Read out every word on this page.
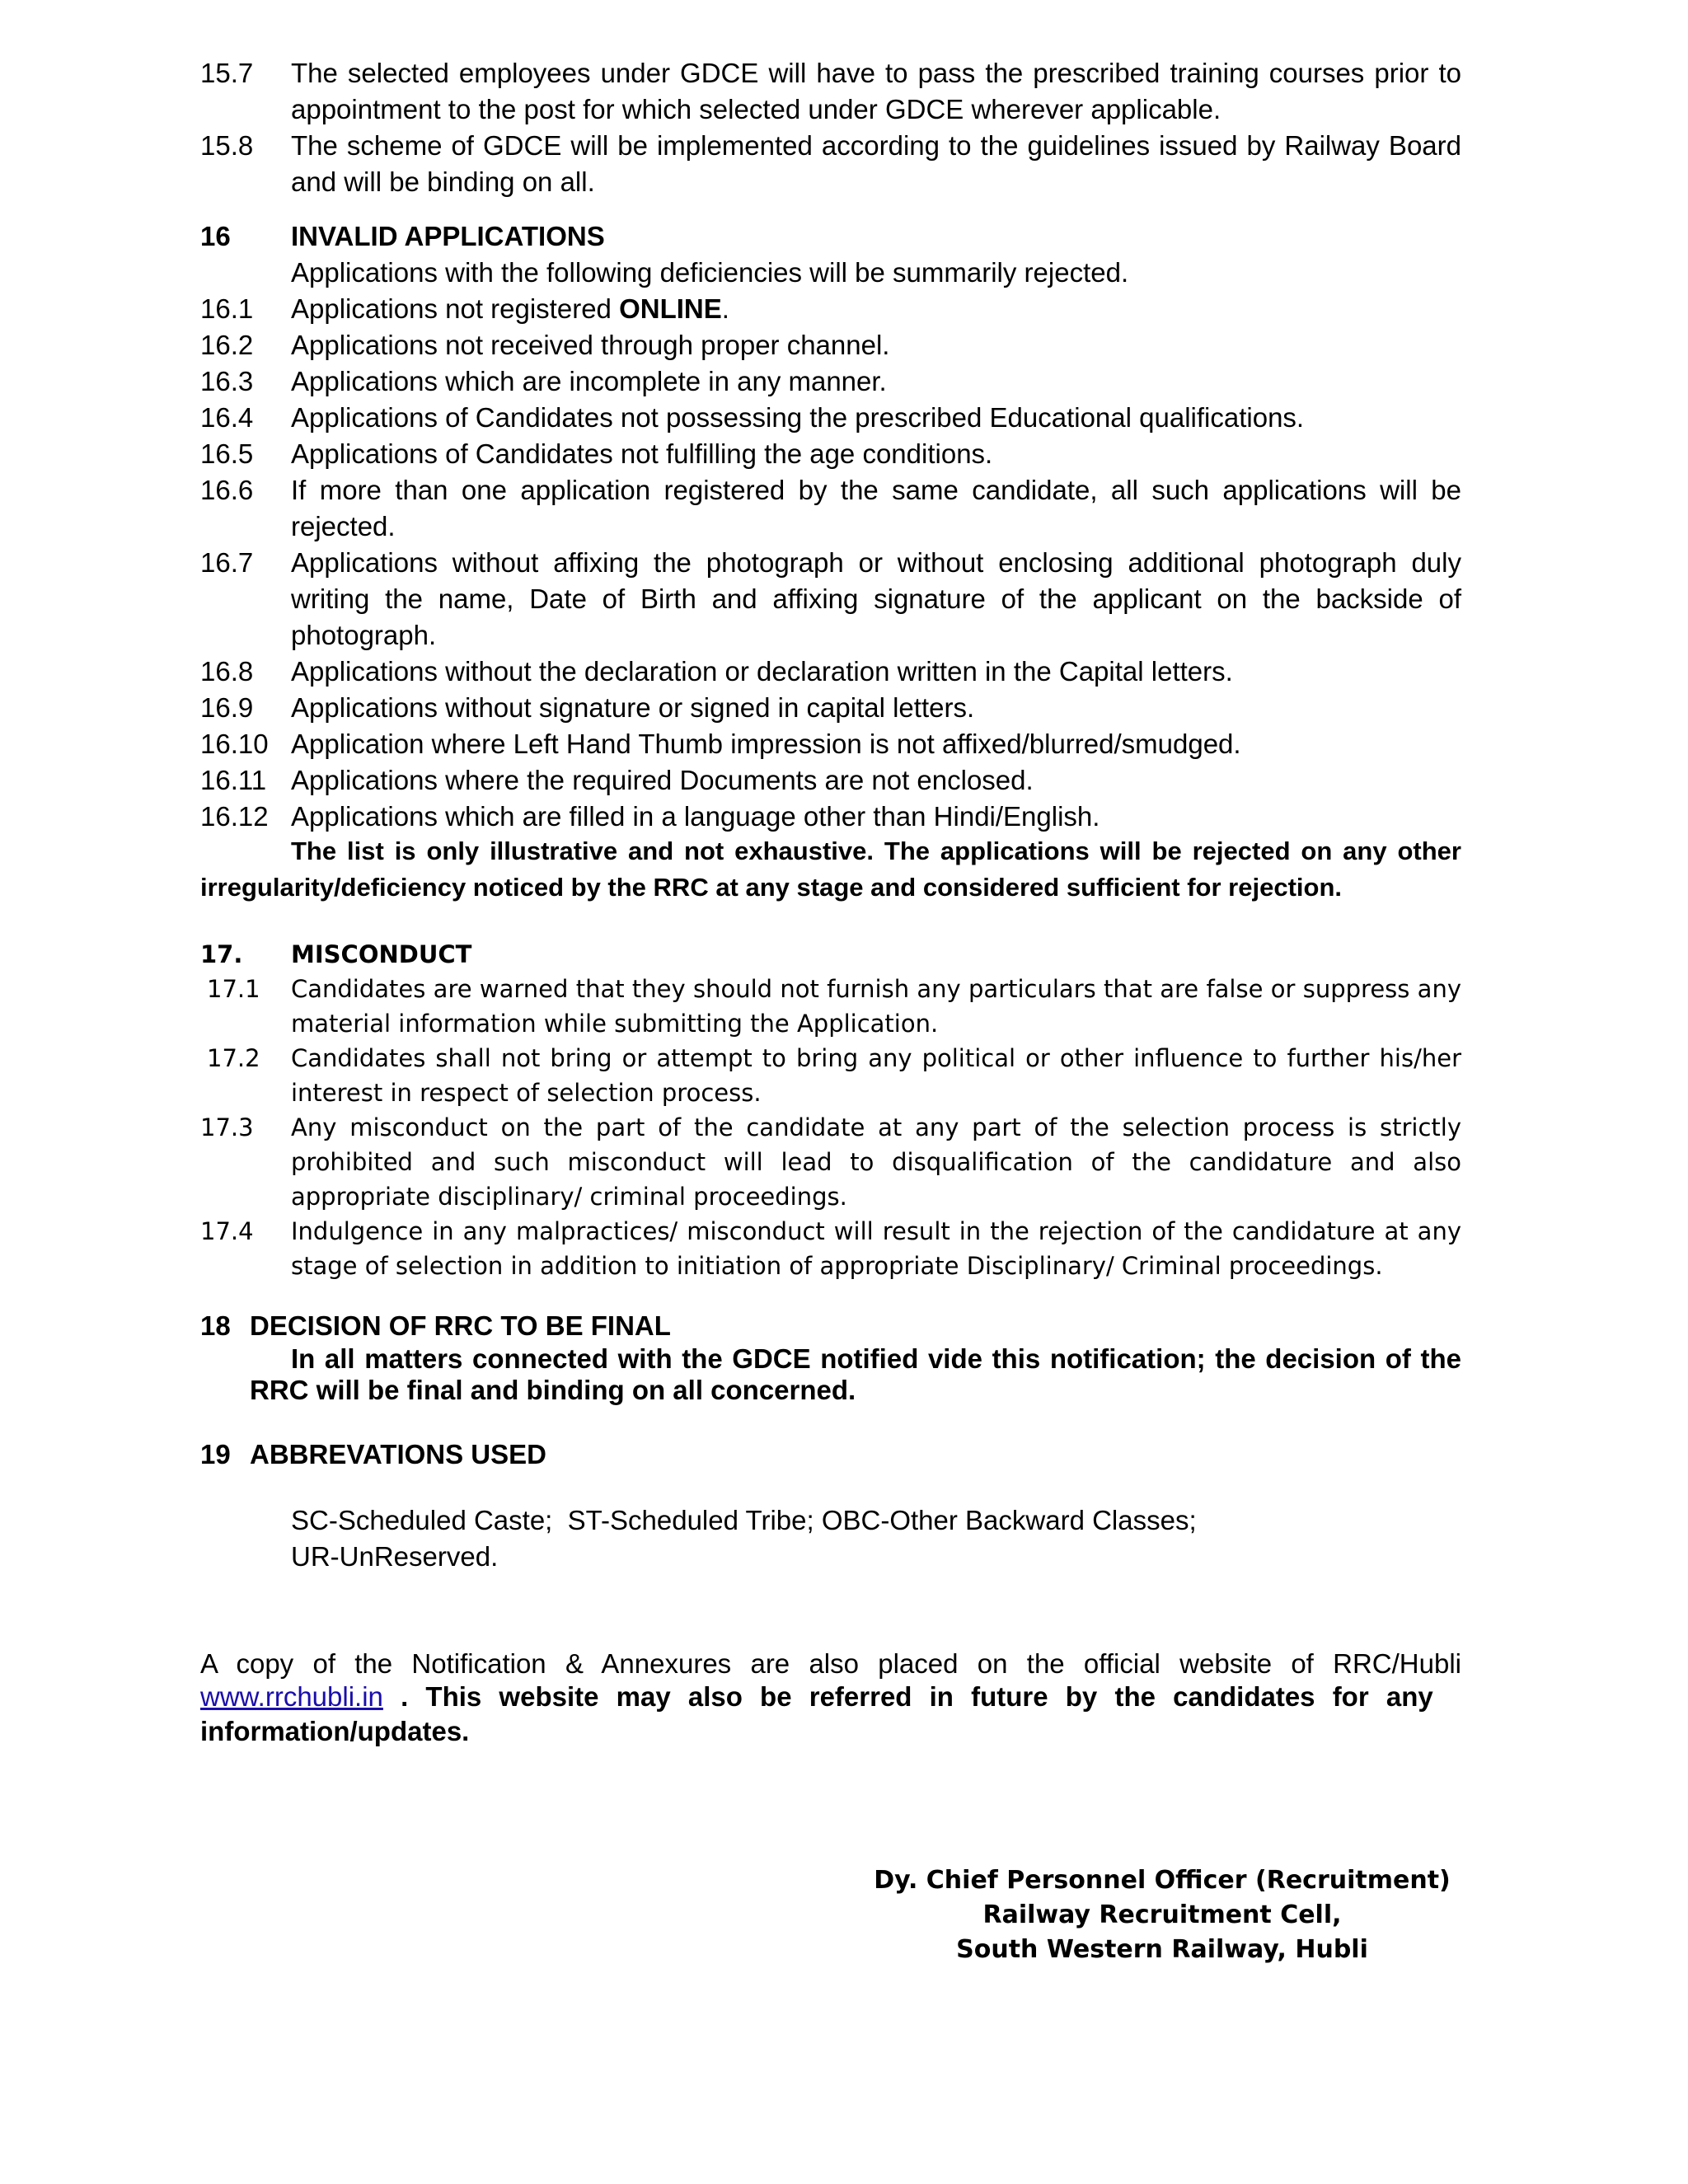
15.7 The selected employees under GDCE will have to pass the prescribed training courses prior to appointment to the post for which selected under GDCE wherever applicable.
15.8 The scheme of GDCE will be implemented according to the guidelines issued by Railway Board and will be binding on all.
16 INVALID APPLICATIONS
Applications with the following deficiencies will be summarily rejected.
16.1 Applications not registered ONLINE.
16.2 Applications not received through proper channel.
16.3 Applications which are incomplete in any manner.
16.4 Applications of Candidates not possessing the prescribed Educational qualifications.
16.5 Applications of Candidates not fulfilling the age conditions.
16.6 If more than one application registered by the same candidate, all such applications will be rejected.
16.7 Applications without affixing the photograph or without enclosing additional photograph duly writing the name, Date of Birth and affixing signature of the applicant on the backside of photograph.
16.8 Applications without the declaration or declaration written in the Capital letters.
16.9 Applications without signature or signed in capital letters.
16.10 Application where Left Hand Thumb impression is not affixed/blurred/smudged.
16.11 Applications where the required Documents are not enclosed.
16.12 Applications which are filled in a language other than Hindi/English.
The list is only illustrative and not exhaustive. The applications will be rejected on any other
irregularity/deficiency noticed by the RRC at any stage and considered sufficient for rejection.
17. MISCONDUCT
17.1 Candidates are warned that they should not furnish any particulars that are false or suppress any material information while submitting the Application.
17.2 Candidates shall not bring or attempt to bring any political or other influence to further his/her interest in respect of selection process.
17.3 Any misconduct on the part of the candidate at any part of the selection process is strictly prohibited and such misconduct will lead to disqualification of the candidature and also appropriate disciplinary/ criminal proceedings.
17.4 Indulgence in any malpractices/ misconduct will result in the rejection of the candidature at any stage of selection in addition to initiation of appropriate Disciplinary/ Criminal proceedings.
18 DECISION OF RRC TO BE FINAL
In all matters connected with the GDCE notified vide this notification; the decision of the
RRC will be final and binding on all concerned.
19 ABBREVATIONS USED
SC-Scheduled Caste;  ST-Scheduled Tribe; OBC-Other Backward Classes;
UR-UnReserved.
A copy of the Notification & Annexures are also placed on the official website of RRC/Hubli
www.rrchubli.in . This website may also be referred in future by the candidates for any
information/updates.
Dy. Chief Personnel Officer (Recruitment)
Railway Recruitment Cell,
South Western Railway, Hubli
